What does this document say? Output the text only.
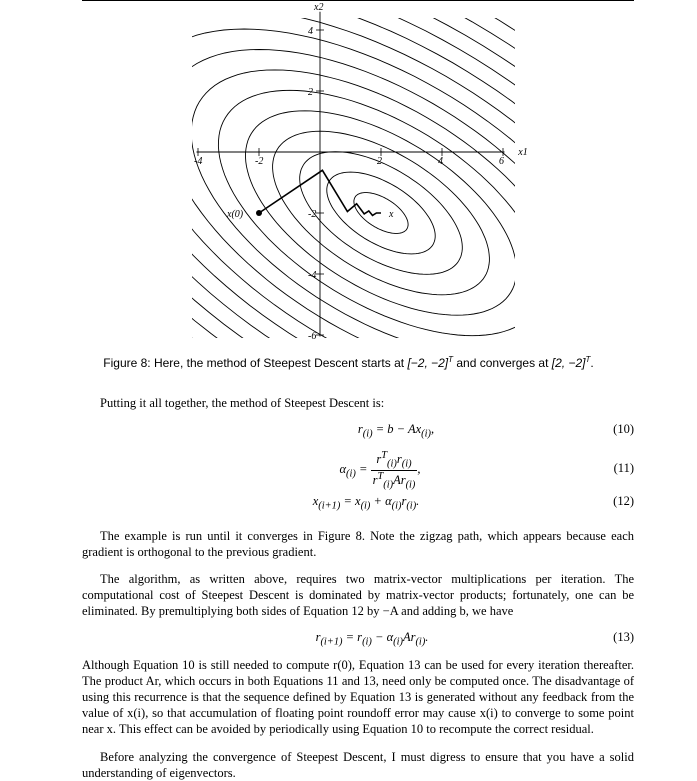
-4	-2	2	4	6
4
2
-2
-4
-6
x1
x2
x(0)	x
Figure 8: Here, the method of Steepest Descent starts at [−2, −2]$^T$ and converges at [2, −2]$^T$.

Putting it all together, the method of Steepest Descent is:

$r_{(i)} = b - Ax_{(i)}$,	(10)
$\alpha_{(i)} = \frac{r^T_{(i)}r_{(i)}}{r^T_{(i)}Ar_{(i)}}$ ,	(11)
$x_{(i+1)} = x_{(i)} + \alpha_{(i)}r_{(i)}$.	(12)

The example is run until it converges in Figure 8. Note the zigzag path, which appears because each gradient is orthogonal to the previous gradient.

The algorithm, as written above, requires two matrix-vector multiplications per iteration. The computational cost of Steepest Descent is dominated by matrix-vector products; fortunately, one can be eliminated. By premultiplying both sides of Equation 12 by −A and adding b, we have

$r_{(i+1)} = r_{(i)} - \alpha_{(i)}Ar_{(i)}$.	(13)

Although Equation 10 is still needed to compute r(0), Equation 13 can be used for every iteration thereafter. The product Ar, which occurs in both Equations 11 and 13, need only be computed once. The disadvantage of using this recurrence is that the sequence defined by Equation 13 is generated without any feedback from the value of x(i), so that accumulation of floating point roundoff error may cause x(i) to converge to some point near x. This effect can be avoided by periodically using Equation 10 to recompute the correct residual.

Before analyzing the convergence of Steepest Descent, I must digress to ensure that you have a solid understanding of eigenvectors.
